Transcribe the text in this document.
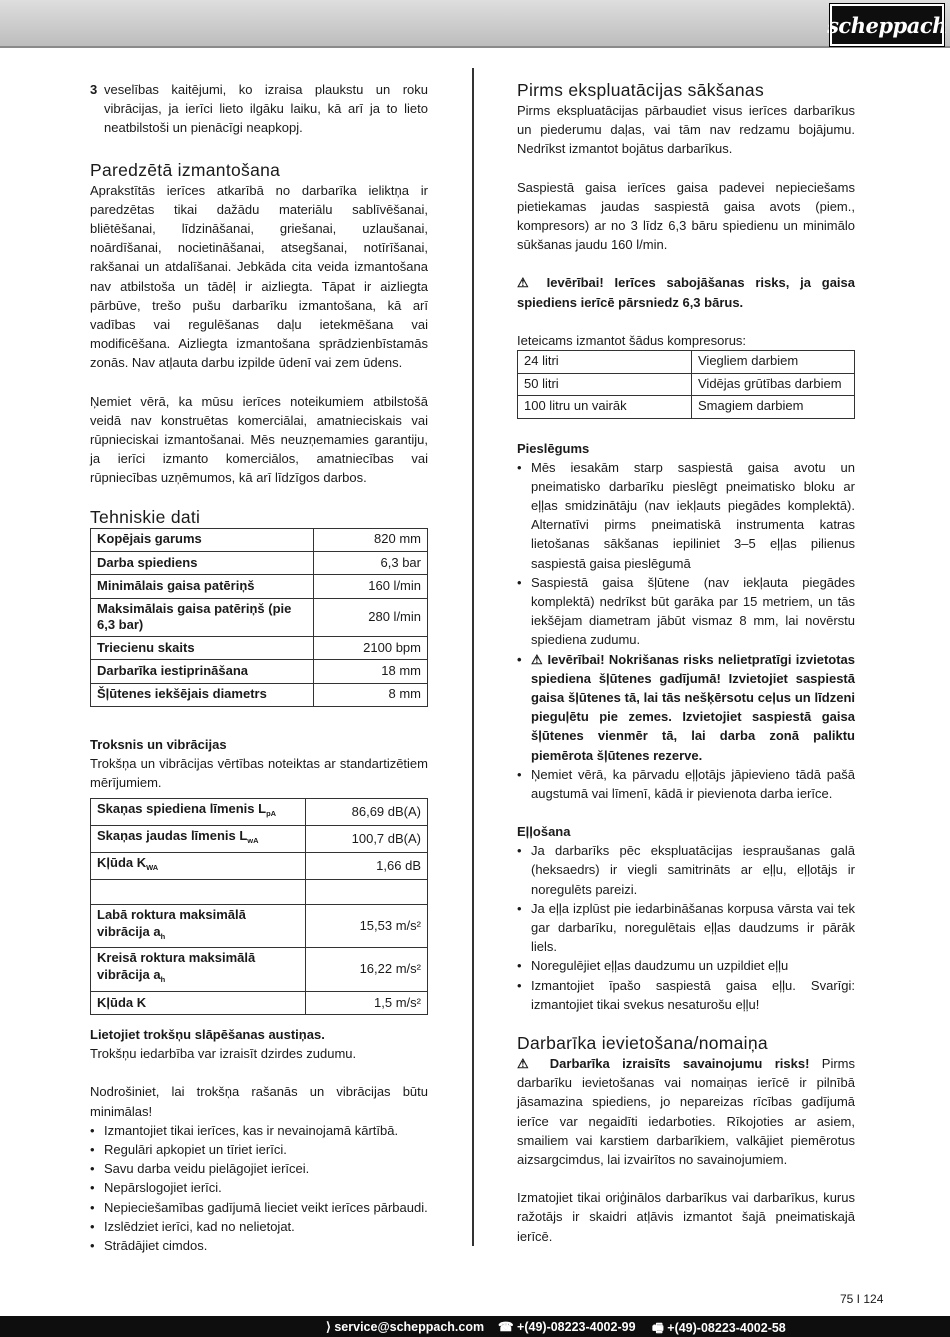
scheppach
3 veselības kaitējumi, ko izraisa plaukstu un roku vibrācijas, ja ierīci lieto ilgāku laiku, kā arī ja to lieto neatbilstoši un pienācīgi neapkopj.
Paredzētā izmantošana
Aprakstītās ierīces atkarībā no darbarīka ieliktņa ir paredzētas tikai dažādu materiālu sablīvēšanai, bliētēšanai, līdzināšanai, griešanai, uzlaušanai, noārdīšanai, nocietināšanai, atsegšanai, notīrīšanai, rakšanai un atdalīšanai. Jebkāda cita veida izmantošana nav atbilstoša un tādēļ ir aizliegta. Tāpat ir aizliegta pārbūve, trešo pušu darbarīku izmantošana, kā arī vadības vai regulēšanas daļu ietekmēšana vai modificēšana. Aizliegta izmantošana sprādzienbīstamās zonās. Nav atļauta darbu izpilde ūdenī vai zem ūdens.
Ņemiet vērā, ka mūsu ierīces noteikumiem atbilstošā veidā nav konstruētas komerciālai, amatnieciskais vai rūpnieciskai izmantošanai. Mēs neuzņemamies garantiju, ja ierīci izmanto komerciālos, amatniecības vai rūpniecības uzņēmumos, kā arī līdzīgos darbos.
Tehniskie dati
Kopējais garums	820 mm
Darba spiediens	6,3 bar
Minimālais gaisa patēriņš	160 l/min
Maksimālais gaisa patēriņš (pie 6,3 bar)	280 l/min
Triecienu skaits	2100 bpm
Darbarīka iestiprināšana	18 mm
Šļūtenes iekšējais diametrs	8 mm
Troksnis un vibrācijas
Trokšņa un vibrācijas vērtības noteiktas ar standartizētiem mērījumiem.
Skaņas spiediena līmenis $L_{pA}$	86,69 dB(A)
Skaņas jaudas līmenis $L_{wA}$	100,7 dB(A)
Kļūda $K_{WA}$	1,66 dB

Labā roktura maksimālā vibrācija $a_h$	15,53 m/s²
Kreisā roktura maksimālā vibrācija $a_h$	16,22 m/s²
Kļūda K	1,5 m/s²
Lietojiet trokšņu slāpēšanas austiņas.
Trokšņu iedarbība var izraisīt dzirdes zudumu.
Nodrošiniet, lai trokšņa rašanās un vibrācijas būtu minimālas!
• Izmantojiet tikai ierīces, kas ir nevainojamā kārtībā.
• Regulāri apkopiet un tīriet ierīci.
• Savu darba veidu pielāgojiet ierīcei.
• Nepārslogojiet ierīci.
• Nepieciešamības gadījumā lieciet veikt ierīces pārbaudi.
• Izslēdziet ierīci, kad no nelietojat.
• Strādājiet cimdos.
Pirms ekspluatācijas sākšanas
Pirms ekspluatācijas pārbaudiet visus ierīces darbarīkus un piederumu daļas, vai tām nav redzamu bojājumu. Nedrīkst izmantot bojātus darbarīkus.
Saspiestā gaisa ierīces gaisa padevei nepieciešams pietiekamas jaudas saspiestā gaisa avots (piem., kompresors) ar no 3 līdz 6,3 bāru spiedienu un minimālo sūkšanas jaudu 160 l/min.
⚠ Ievērībai! Ierīces sabojāšanas risks, ja gaisa spiediens ierīcē pārsniedz 6,3 bārus.
Ieteicams izmantot šādus kompresorus:
24 litri	Viegliem darbiem
50 litri	Vidējas grūtības darbiem
100 litru un vairāk	Smagiem darbiem
Pieslēgums
• Mēs iesakām starp saspiestā gaisa avotu un pneimatisko darbarīku pieslēgt pneimatisko bloku ar eļļas smidzinātāju (nav iekļauts piegādes komplektā). Alternatīvi pirms pneimatiskā instrumenta katras lietošanas sākšanas iepiliniet 3–5 eļļas pilienus saspiestā gaisa pieslēgumā
• Saspiestā gaisa šļūtene (nav iekļauta piegādes komplektā) nedrīkst būt garāka par 15 metriem, un tās iekšējam diametram jābūt vismaz 8 mm, lai novērstu spiediena zudumu.
• ⚠ Ievērībai! Nokrišanas risks nelietpratīgi izvietotas spiediena šļūtenes gadījumā! Izvietojiet saspiestā gaisa šļūtenes tā, lai tās nešķērsotu ceļus un līdzeni pieguļētu pie zemes. Izvietojiet saspiestā gaisa šļūtenes vienmēr tā, lai darba zonā paliktu piemērota šļūtenes rezerve.
• Ņemiet vērā, ka pārvadu eļļotājs jāpievieno tādā pašā augstumā vai līmenī, kādā ir pievienota darba ierīce.
Eļļošana
• Ja darbarīks pēc ekspluatācijas iespraušanas galā (heksaedrs) ir viegli samitrināts ar eļļu, eļļotājs ir noregulēts pareizi.
• Ja eļļa izplūst pie iedarbināšanas korpusa vārsta vai tek gar darbarīku, noregulētais eļļas daudzums ir pārāk liels.
• Noregulējiet eļļas daudzumu un uzpildiet eļļu
• Izmantojiet īpašo saspiestā gaisa eļļu. Svarīgi: izmantojiet tikai svekus nesaturošu eļļu!
Darbarīka ievietošana/nomaiņa
⚠ Darbarīka izraisīts savainojumu risks! Pirms darbarīku ievietošanas vai nomaiņas ierīcē ir pilnībā jāsamazina spiediens, jo nepareizas rīcības gadījumā ierīce var negaidīti iedarboties. Rīkojoties ar asiem, smailiem vai karstiem darbarīkiem, valkājiet piemērotus aizsargcimdus, lai izvairītos no savainojumiem.
Izmatojiet tikai oriģinālos darbarīkus vai darbarīkus, kurus ražotājs ir skaidri atļāvis izmantot šajā pneimatiskajā ierīcē.
75 I 124
⟩ service@scheppach.com ☎ +(49)-08223-4002-99 🖷 +(49)-08223-4002-58
